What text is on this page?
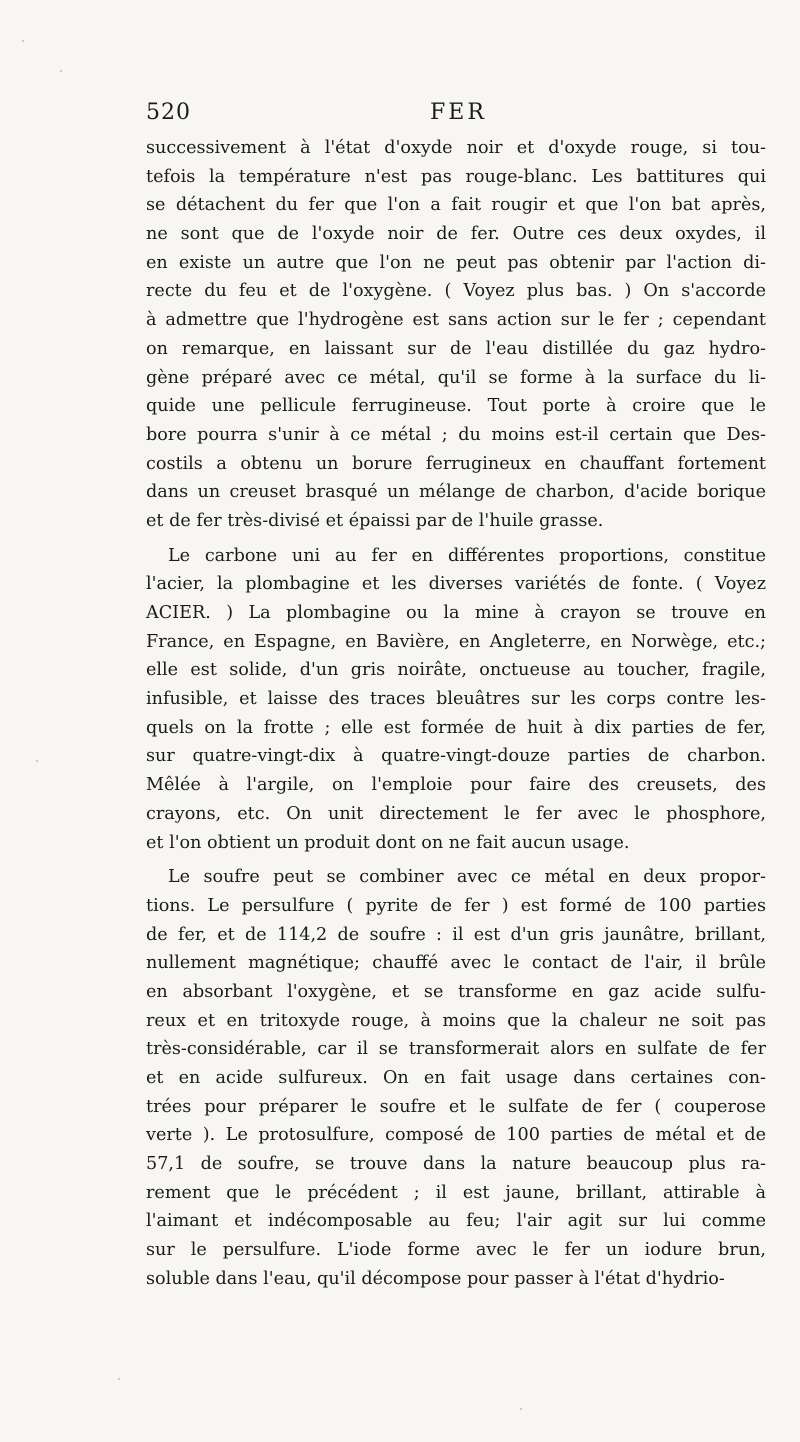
520	FER
successivement à l'état d'oxyde noir et d'oxyde rouge, si tou-
tefois la température n'est pas rouge-blanc. Les battitures qui
se détachent du fer que l'on a fait rougir et que l'on bat après,
ne sont que de l'oxyde noir de fer. Outre ces deux oxydes, il
en existe un autre que l'on ne peut pas obtenir par l'action di-
recte du feu et de l'oxygène. ( Voyez plus bas. ) On s'accorde
à admettre que l'hydrogène est sans action sur le fer ; cependant
on remarque, en laissant sur de l'eau distillée du gaz hydro-
gène préparé avec ce métal, qu'il se forme à la surface du li-
quide une pellicule ferrugineuse. Tout porte à croire que le
bore pourra s'unir à ce métal ; du moins est-il certain que Des-
costils a obtenu un borure ferrugineux en chauffant fortement
dans un creuset brasqué un mélange de charbon, d'acide borique
et de fer très-divisé et épaissi par de l'huile grasse.
Le carbone uni au fer en différentes proportions, constitue
l'acier, la plombagine et les diverses variétés de fonte. ( Voyez
ACIER. ) La plombagine ou la mine à crayon se trouve en
France, en Espagne, en Bavière, en Angleterre, en Norwège, etc.;
elle est solide, d'un gris noirâte, onctueuse au toucher, fragile,
infusible, et laisse des traces bleuâtres sur les corps contre les-
quels on la frotte ; elle est formée de huit à dix parties de fer,
sur quatre-vingt-dix à quatre-vingt-douze parties de charbon.
Mêlée à l'argile, on l'emploie pour faire des creusets, des
crayons, etc. On unit directement le fer avec le phosphore,
et l'on obtient un produit dont on ne fait aucun usage.
Le soufre peut se combiner avec ce métal en deux propor-
tions. Le persulfure ( pyrite de fer ) est formé de 100 parties
de fer, et de 114,2 de soufre : il est d'un gris jaunâtre, brillant,
nullement magnétique; chauffé avec le contact de l'air, il brûle
en absorbant l'oxygène, et se transforme en gaz acide sulfu-
reux et en tritoxyde rouge, à moins que la chaleur ne soit pas
très-considérable, car il se transformerait alors en sulfate de fer
et en acide sulfureux. On en fait usage dans certaines con-
trées pour préparer le soufre et le sulfate de fer ( couperose
verte ). Le protosulfure, composé de 100 parties de métal et de
57,1 de soufre, se trouve dans la nature beaucoup plus ra-
rement que le précédent ; il est jaune, brillant, attirable à
l'aimant et indécomposable au feu; l'air agit sur lui comme
sur le persulfure. L'iode forme avec le fer un iodure brun,
soluble dans l'eau, qu'il décompose pour passer à l'état d'hydrio-
